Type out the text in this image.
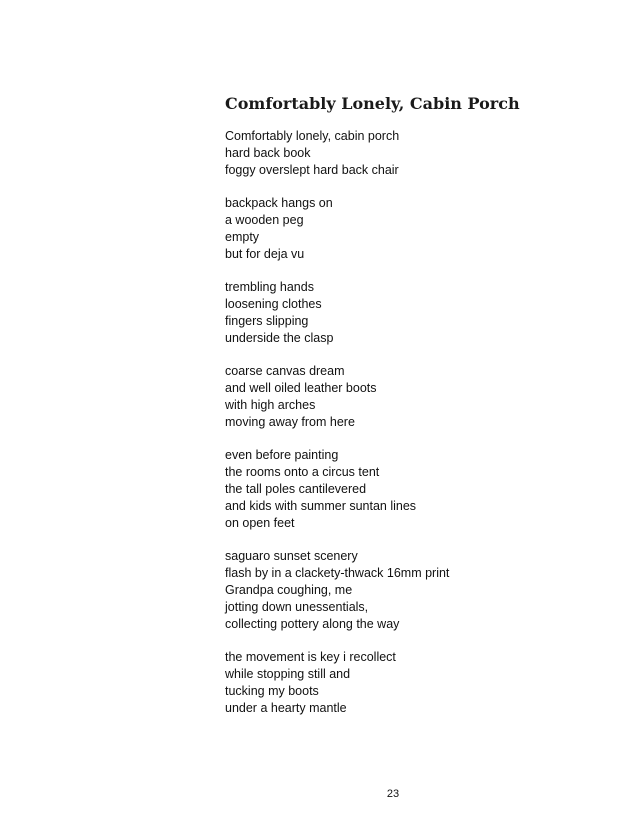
Comfortably Lonely, Cabin Porch
Comfortably lonely, cabin porch
hard back book
foggy overslept hard back chair
backpack hangs on
a wooden peg
empty
but for deja vu
trembling hands
loosening clothes
fingers slipping
underside the clasp
coarse canvas dream
and well oiled leather boots
with high arches
moving away from here
even before painting
the rooms onto a circus tent
the tall poles cantilevered
and kids with summer suntan lines
on open feet
saguaro sunset scenery
flash by in a clackety-thwack 16mm print
Grandpa coughing, me
jotting down unessentials,
collecting pottery along the way
the movement is key i recollect
while stopping still and
tucking my boots
under a hearty mantle
23
